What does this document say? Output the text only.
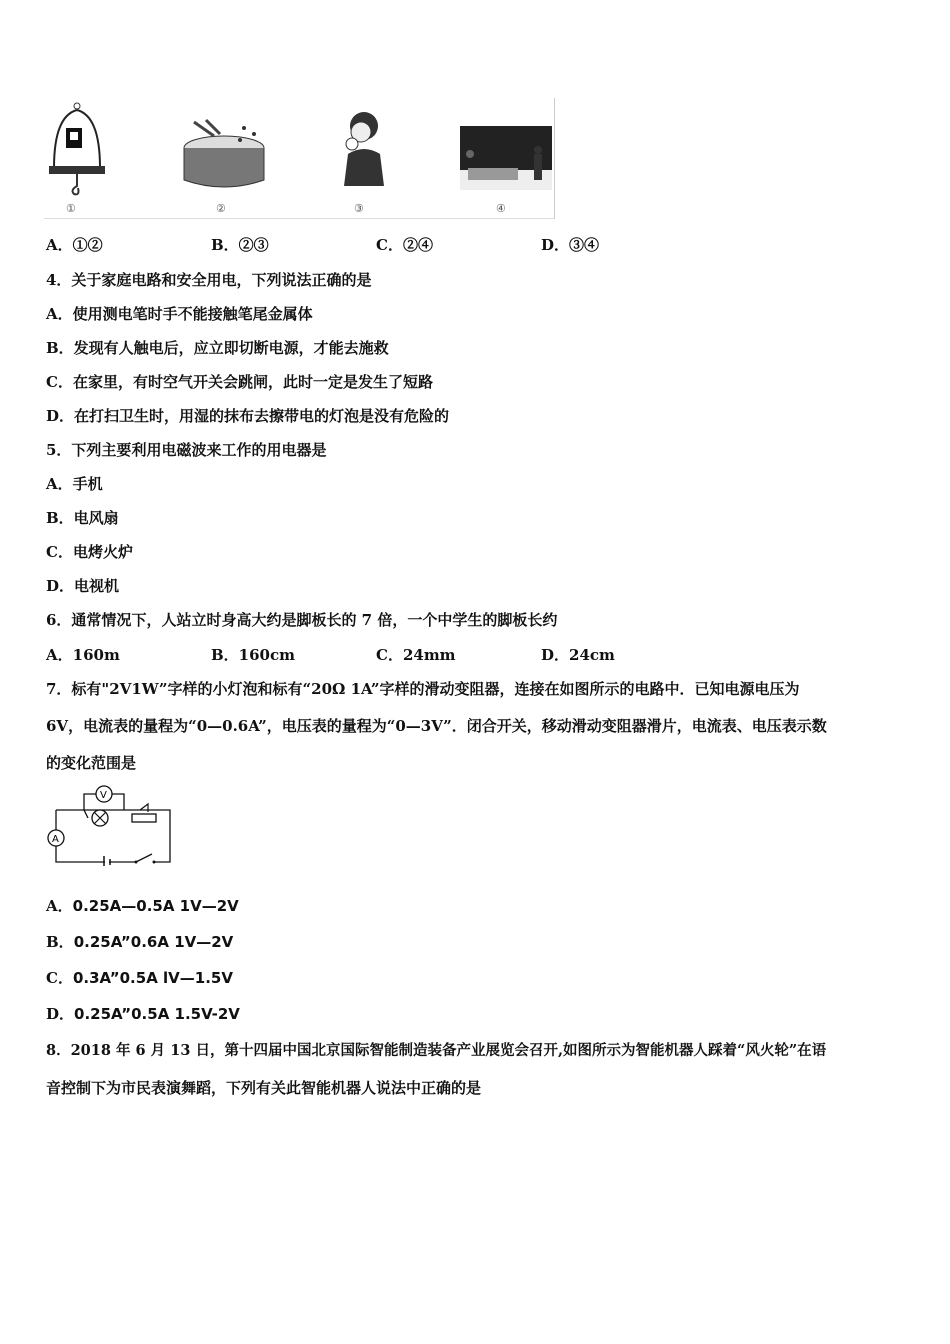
①	②	③	④
A．①②	B．②③	C．②④	D．③④
4．关于家庭电路和安全用电，下列说法正确的是
A．使用测电笔时手不能接触笔尾金属体
B．发现有人触电后，应立即切断电源，才能去施救
C．在家里，有时空气开关会跳闸，此时一定是发生了短路
D．在打扫卫生时，用湿的抹布去擦带电的灯泡是没有危险的
5．下列主要利用电磁波来工作的用电器是
A．手机
B．电风扇
C．电烤火炉
D．电视机
6．通常情况下，人站立时身高大约是脚板长的 7 倍，一个中学生的脚板长约
A．160m	B．160cm	C．24mm	D．24cm
7．标有"2V1W”字样的小灯泡和标有“20Ω 1A”字样的滑动变阻器，连接在如图所示的电路中．已知电源电压为
6V，电流表的量程为“0—0.6A”，电压表的量程为“0—3V”．闭合开关，移动滑动变阻器滑片，电流表、电压表示数
的变化范围是
V
A
A．0.25A—0.5A 1V—2V
B．0.25A”0.6A 1V—2V
C．0.3A”0.5A lV—1.5V
D．0.25A”0.5A 1.5V-2V
8．2018 年 6 月 13 日，第十四届中国北京国际智能制造装备产业展览会召开,如图所示为智能机器人踩着“风火轮”在语
音控制下为市民表演舞蹈，下列有关此智能机器人说法中正确的是
